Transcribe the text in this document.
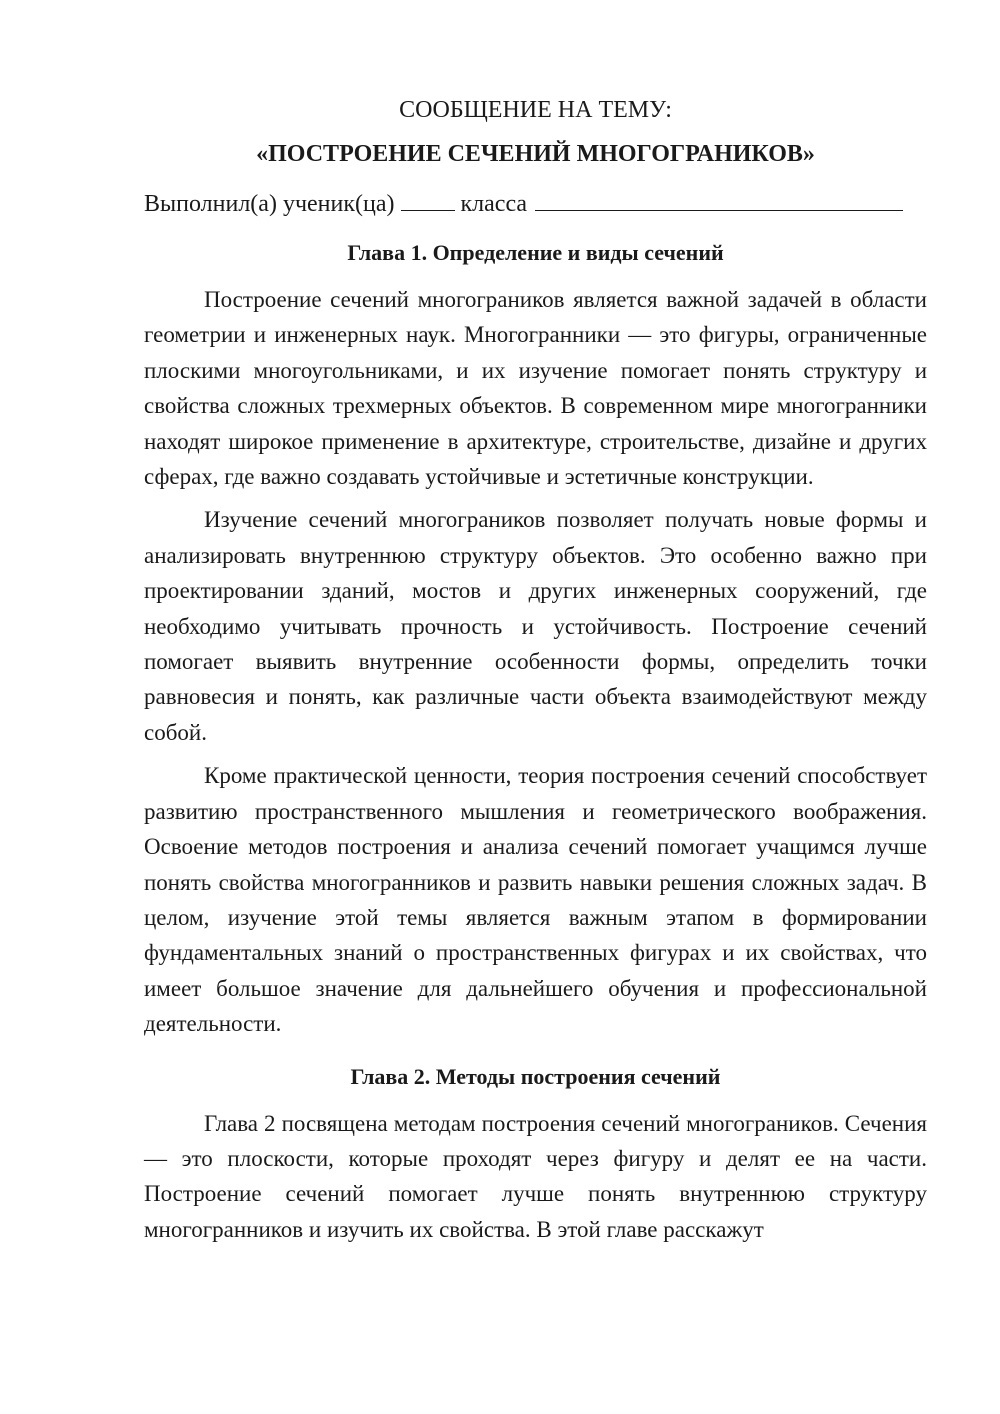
СООБЩЕНИЕ НА ТЕМУ:

«ПОСТРОЕНИЕ СЕЧЕНИЙ МНОГОГРАНИКОВ»

Выполнил(а) ученик(ца)	класса

Глава 1. Определение и виды сечений

Построение сечений многограников является важной задачей в области геометрии и инженерных наук. Многогранники — это фигуры, ограниченные плоскими многоугольниками, и их изучение помогает понять структуру и свойства сложных трехмерных объектов. В современном мире многогранники находят широкое применение в архитектуре, строительстве, дизайне и других сферах, где важно создавать устойчивые и эстетичные конструкции.

Изучение сечений многограников позволяет получать новые формы и анализировать внутреннюю структуру объектов. Это особенно важно при проектировании зданий, мостов и других инженерных сооружений, где необходимо учитывать прочность и устойчивость. Построение сечений помогает выявить внутренние особенности формы, определить точки равновесия и понять, как различные части объекта взаимодействуют между собой.

Кроме практической ценности, теория построения сечений способствует развитию пространственного мышления и геометрического воображения. Освоение методов построения и анализа сечений помогает учащимся лучше понять свойства многогранников и развить навыки решения сложных задач. В целом, изучение этой темы является важным этапом в формировании фундаментальных знаний о пространственных фигурах и их свойствах, что имеет большое значение для дальнейшего обучения и профессиональной деятельности.

Глава 2. Методы построения сечений

Глава 2 посвящена методам построения сечений многограников. Сечения — это плоскости, которые проходят через фигуру и делят ее на части. Построение сечений помогает лучше понять внутреннюю структуру многогранников и изучить их свойства. В этой главе расскажут
